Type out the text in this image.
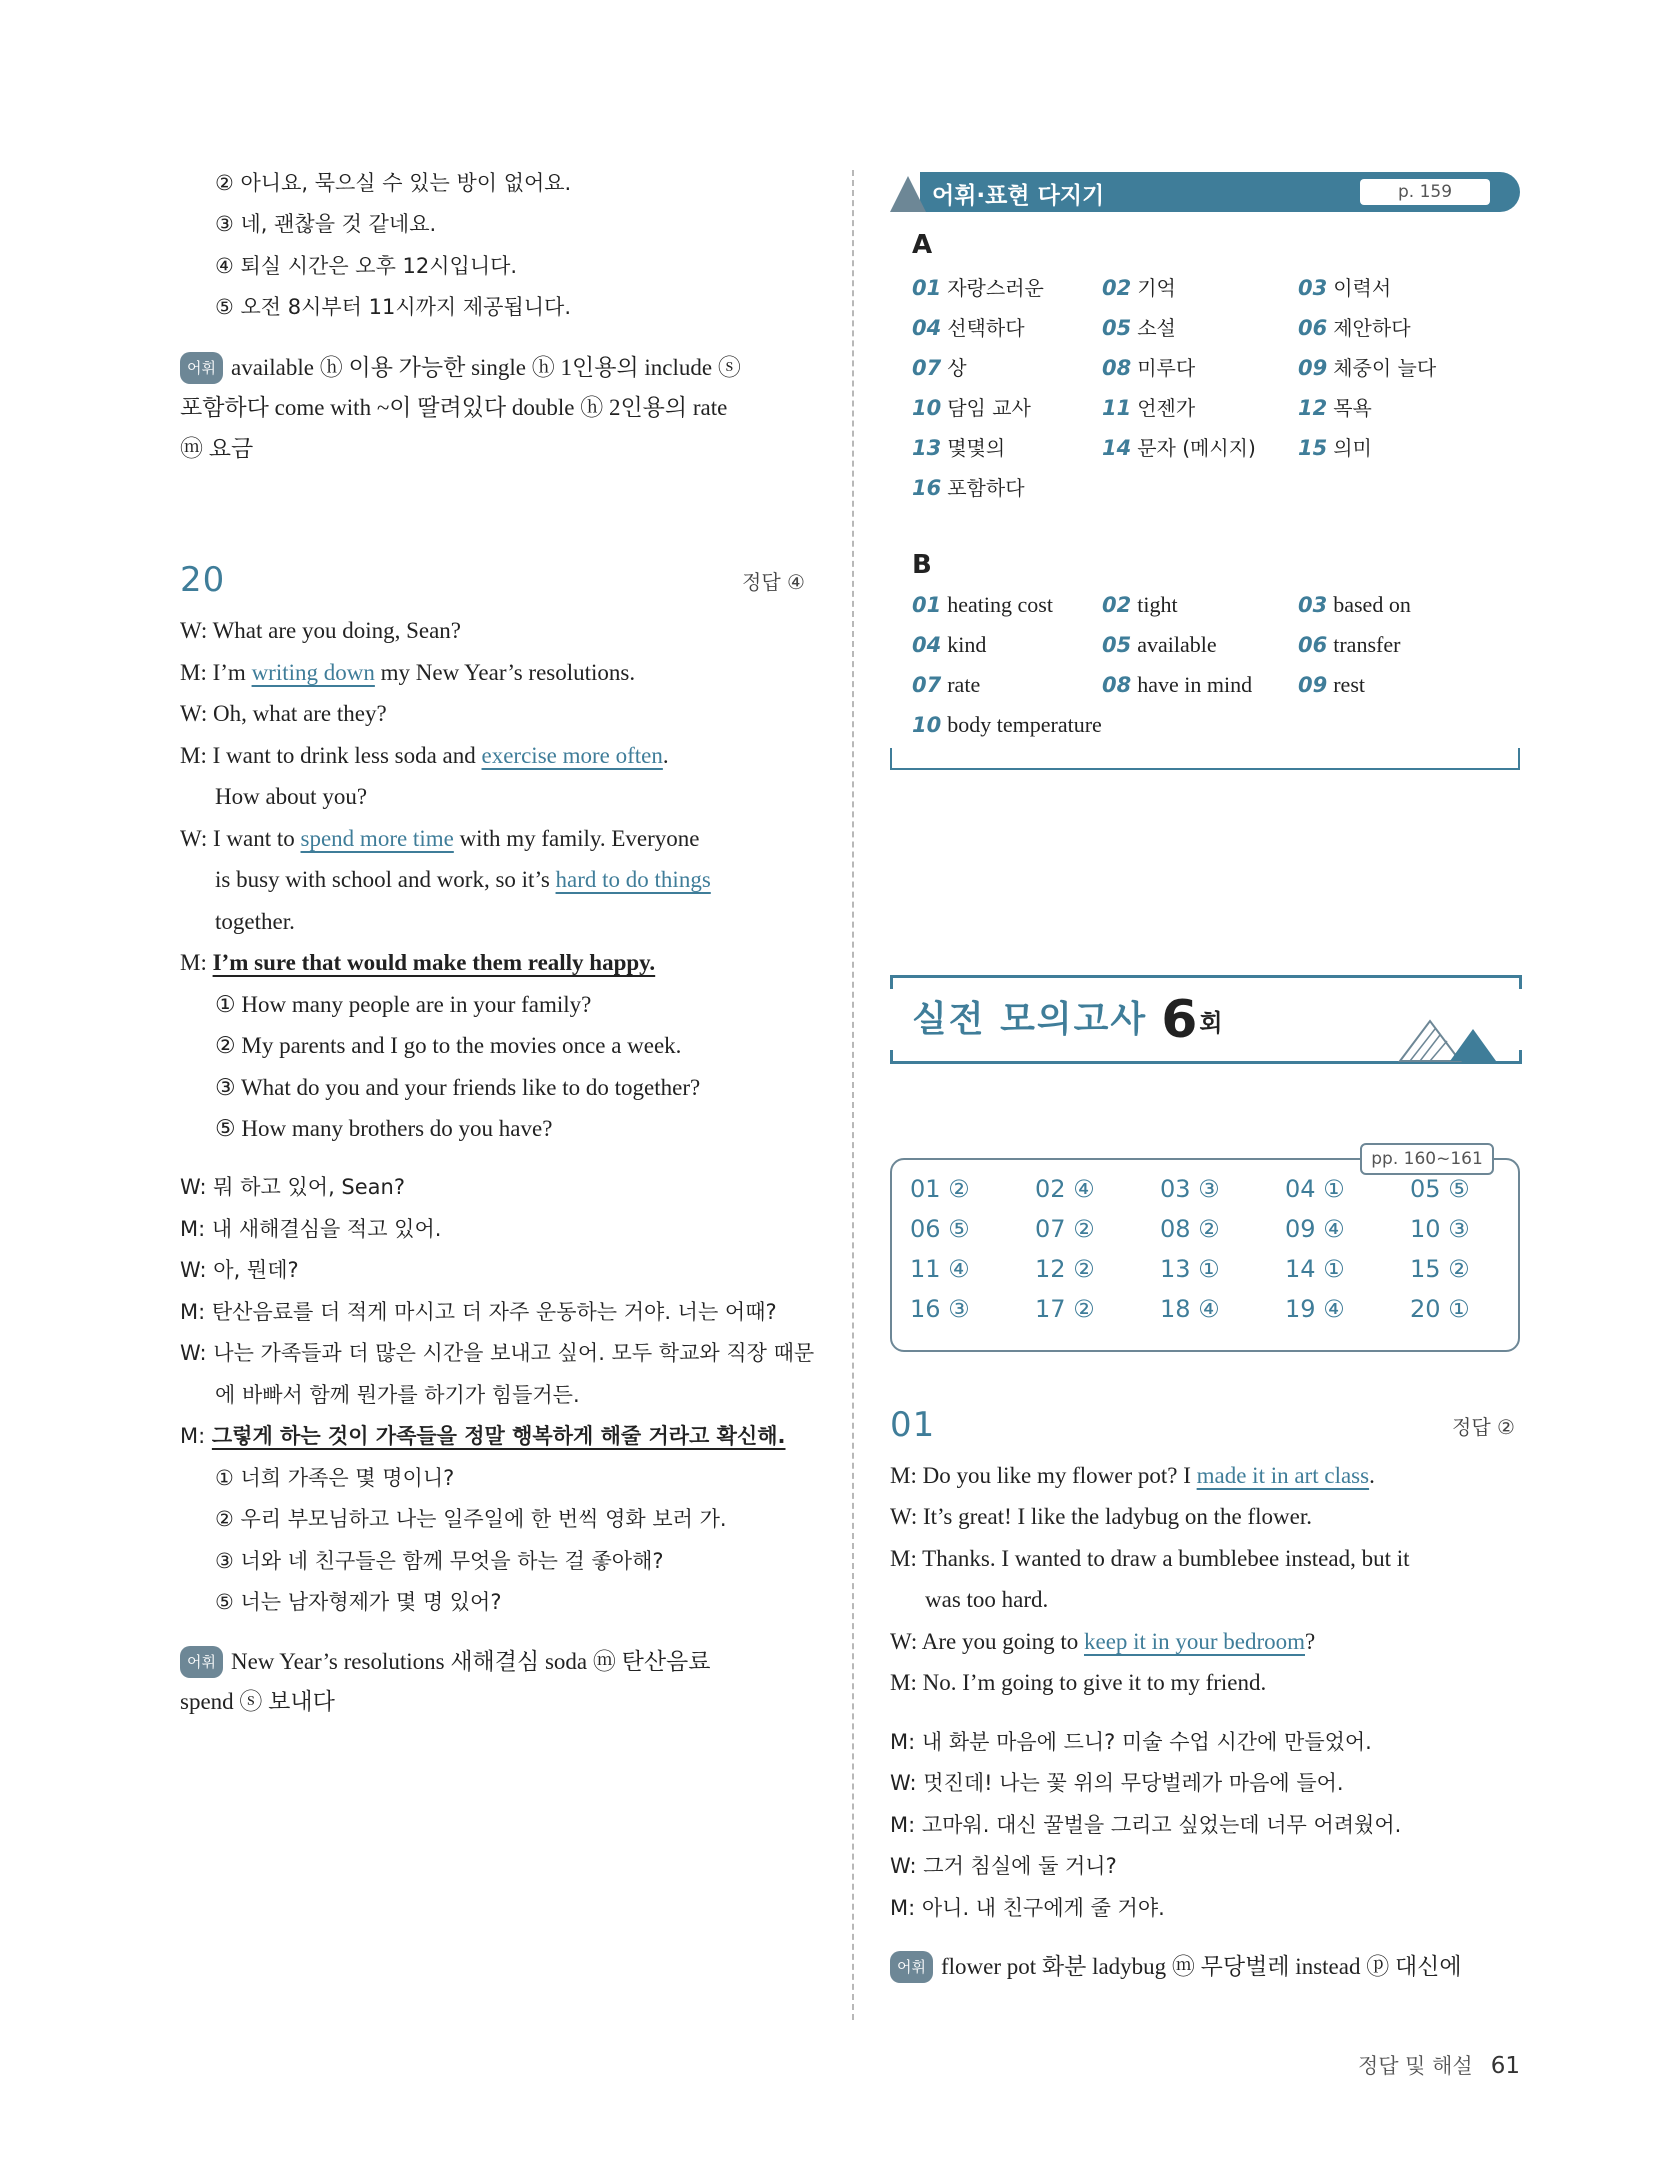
② 아니요, 묵으실 수 있는 방이 없어요.
③ 네, 괜찮을 것 같네요.
④ 퇴실 시간은 오후 12시입니다.
⑤ 오전 8시부터 11시까지 제공됩니다.
어휘 available ⓗ 이용 가능한 single ⓗ 1인용의 include ⓢ
포함하다 come with ~이 딸려있다 double ⓗ 2인용의 rate
ⓜ 요금
20	정답 ④
W: What are you doing, Sean?
M: I’m writing down my New Year’s resolutions.
W: Oh, what are they?
M: I want to drink less soda and exercise more often.
How about you?
W: I want to spend more time with my family. Everyone
is busy with school and work, so it’s hard to do things
together.
M: I’m sure that would make them really happy.
① How many people are in your family?
② My parents and I go to the movies once a week.
③ What do you and your friends like to do together?
⑤ How many brothers do you have?
W: 뭐 하고 있어, Sean?
M: 내 새해결심을 적고 있어.
W: 아, 뭔데?
M: 탄산음료를 더 적게 마시고 더 자주 운동하는 거야. 너는 어때?
W: 나는 가족들과 더 많은 시간을 보내고 싶어. 모두 학교와 직장 때문
에 바빠서 함께 뭔가를 하기가 힘들거든.
M: 그렇게 하는 것이 가족들을 정말 행복하게 해줄 거라고 확신해.
① 너희 가족은 몇 명이니?
② 우리 부모님하고 나는 일주일에 한 번씩 영화 보러 가.
③ 너와 네 친구들은 함께 무엇을 하는 걸 좋아해?
⑤ 너는 남자형제가 몇 명 있어?
어휘 New Year’s resolutions 새해결심 soda ⓜ 탄산음료
spend ⓢ 보내다
어휘·표현 다지기	p. 159
A
01 자랑스러운	02 기억	03 이력서
04 선택하다	05 소설	06 제안하다
07 상	08 미루다	09 체중이 늘다
10 담임 교사	11 언젠가	12 목욕
13 몇몇의	14 문자 (메시지) 15 의미
16 포함하다
B
01 heating cost 02 tight	03 based on
04 kind	05 available	06 transfer
07 rate	08 have in mind 09 rest
10 body temperature
실전 모의고사 6회
pp. 160~161
01 ②	02 ④	03 ③	04 ①	05 ⑤
06 ⑤	07 ②	08 ②	09 ④	10 ③
11 ④	12 ②	13 ①	14 ①	15 ②
16 ③	17 ②	18 ④	19 ④	20 ①
01	정답 ②
M: Do you like my flower pot? I made it in art class.
W: It’s great! I like the ladybug on the flower.
M: Thanks. I wanted to draw a bumblebee instead, but it
was too hard.
W: Are you going to keep it in your bedroom?
M: No. I’m going to give it to my friend.
M: 내 화분 마음에 드니? 미술 수업 시간에 만들었어.
W: 멋진데! 나는 꽃 위의 무당벌레가 마음에 들어.
M: 고마워. 대신 꿀벌을 그리고 싶었는데 너무 어려웠어.
W: 그거 침실에 둘 거니?
M: 아니. 내 친구에게 줄 거야.
어휘 flower pot 화분 ladybug ⓜ 무당벌레 instead ⓟ 대신에
정답 및 해설 61
